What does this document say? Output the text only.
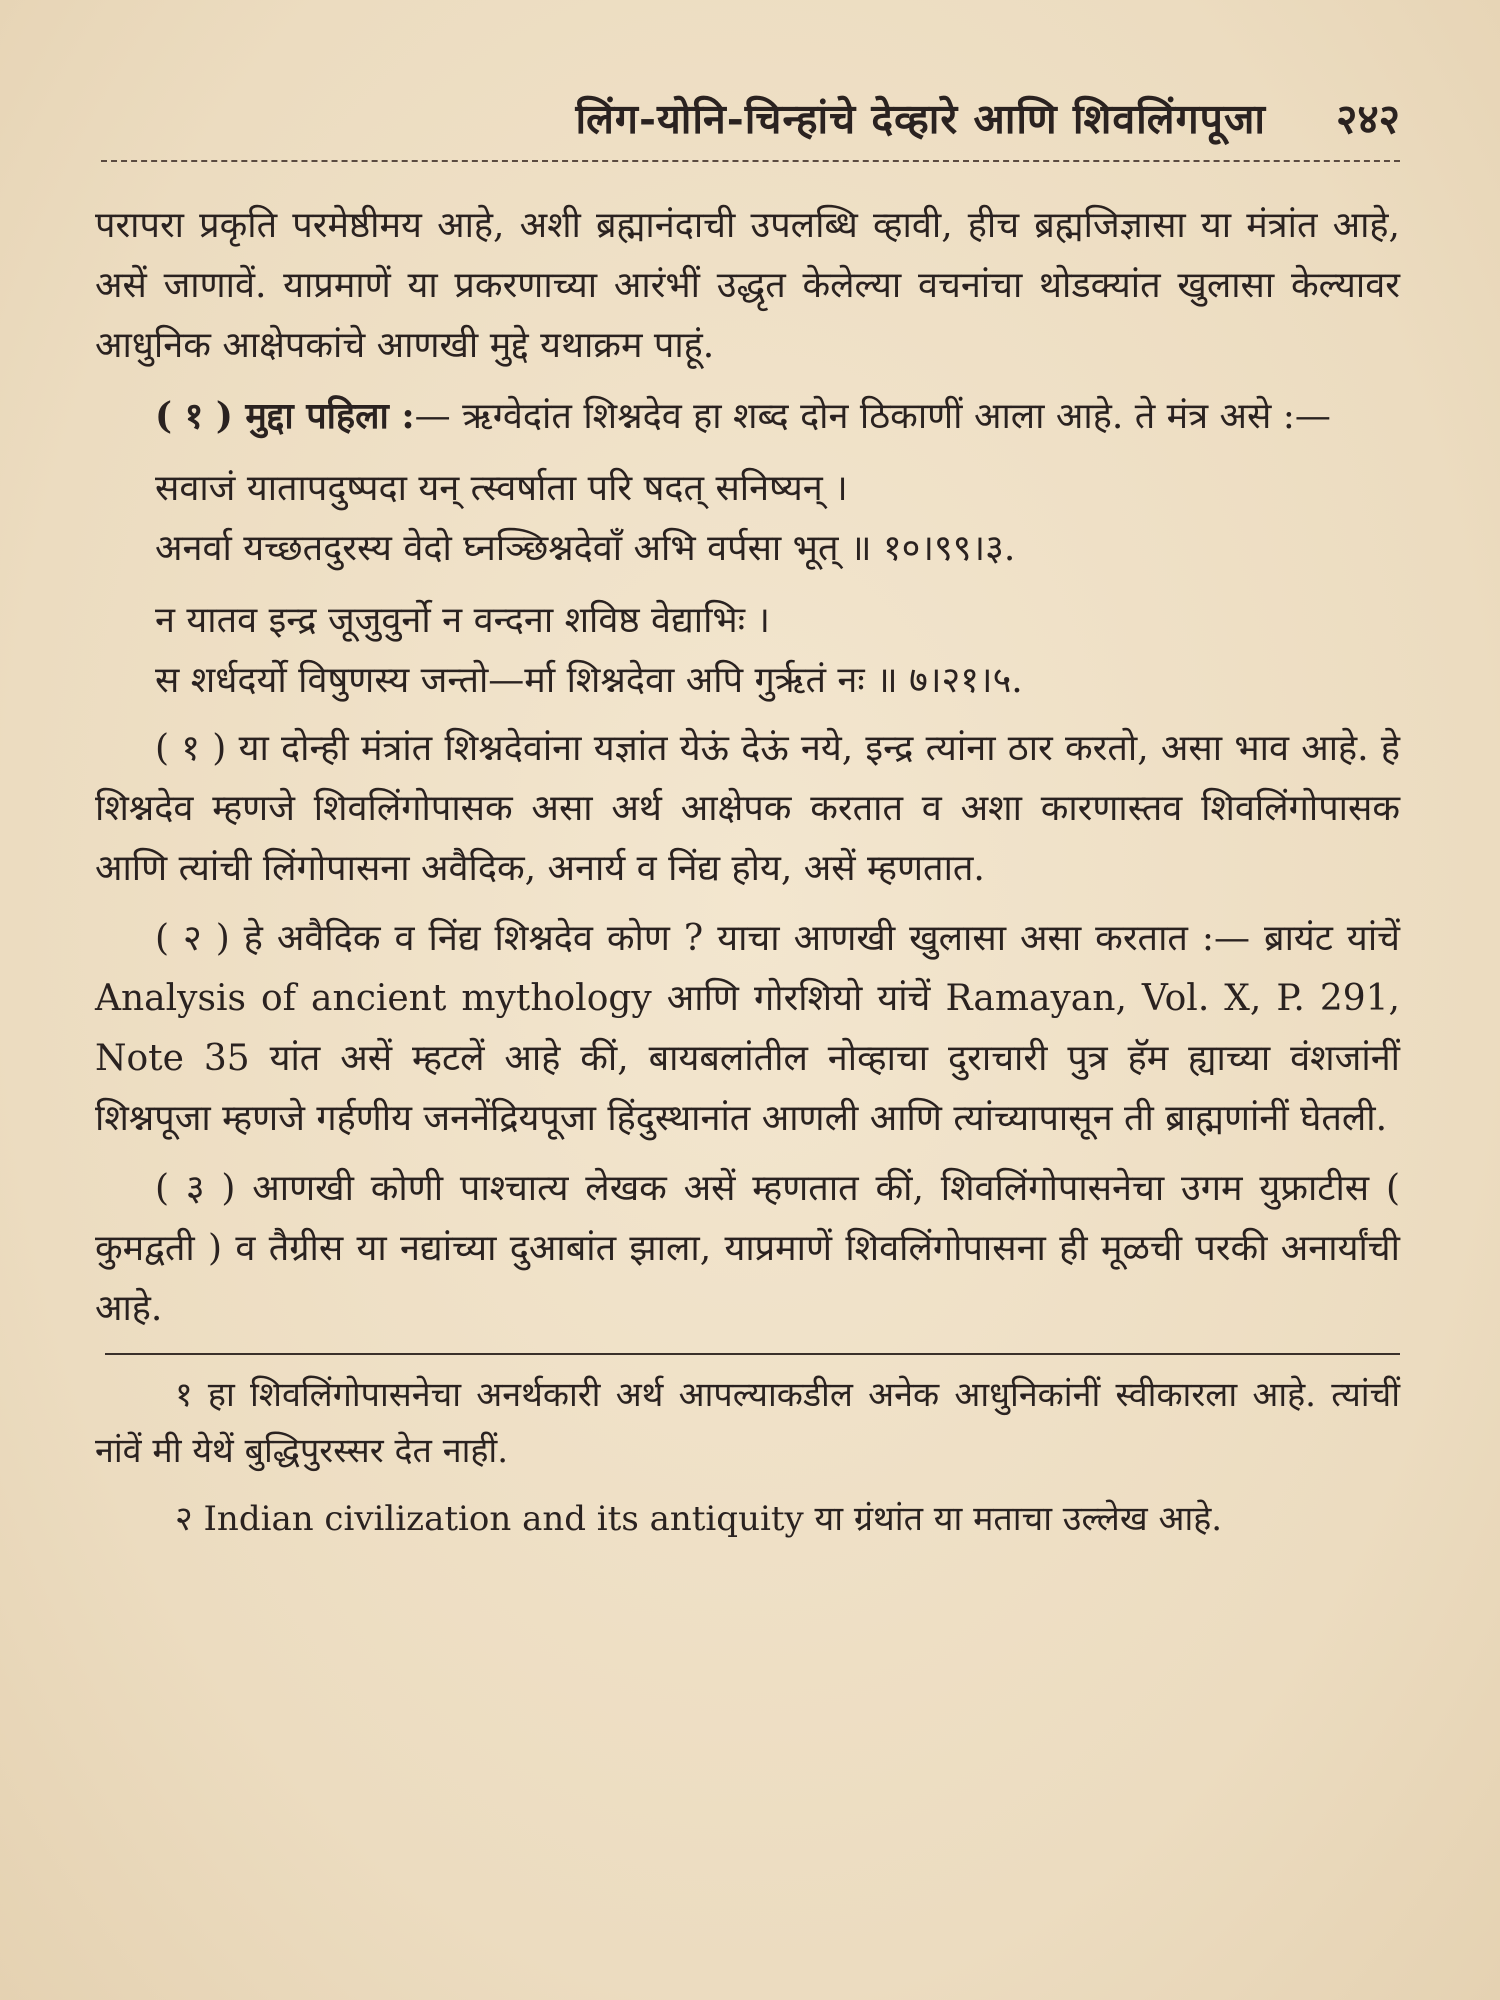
लिंग-योनि-चिन्हांचे देव्हारे आणि शिवलिंगपूजा २४२

परापरा प्रकृति परमेष्ठीमय आहे, अशी ब्रह्मानंदाची उपलब्धि व्हावी, हीच ब्रह्मजिज्ञासा या मंत्रांत आहे, असें जाणावें. याप्रमाणें या प्रकरणाच्या आरंभीं उद्धृत केलेल्या वचनांचा थोडक्यांत खुलासा केल्यावर आधुनिक आक्षेपकांचे आणखी मुद्दे यथाक्रम पाहूं.

( १ ) मुद्दा पहिला :— ऋग्वेदांत शिश्नदेव हा शब्द दोन ठिकाणीं आला आहे. ते मंत्र असे :—

सवाजं यातापदुष्पदा यन् त्स्वर्षाता परि षदत् सनिष्यन् ।

अनर्वा यच्छतदुरस्य वेदो घ्नञ्छिश्नदेवाँ अभि वर्पसा भूत् ॥ १०।९९।३.

न यातव इन्द्र जूजुवुर्नो न वन्दना शविष्ठ वेद्याभिः ।

स शर्धदर्यो विषुणस्य जन्तो—र्मा शिश्नदेवा अपि गुर्ऋतं नः ॥ ७।२१।५.

( १ ) या दोन्ही मंत्रांत शिश्नदेवांना यज्ञांत येऊं देऊं नये, इन्द्र त्यांना ठार करतो, असा भाव आहे. हे शिश्नदेव म्हणजे शिवलिंगोपासक असा अर्थ आक्षेपक करतात व अशा कारणास्तव शिवलिंगोपासक आणि त्यांची लिंगोपासना अवैदिक, अनार्य व निंद्य होय, असें म्हणतात.

( २ ) हे अवैदिक व निंद्य शिश्नदेव कोण ? याचा आणखी खुलासा असा करतात :— ब्रायंट यांचें Analysis of ancient mythology आणि गोरशियो यांचें Ramayan, Vol. X, P. 291, Note 35 यांत असें म्हटलें आहे कीं, बायबलांतील नोव्हाचा दुराचारी पुत्र हॅम ह्याच्या वंशजांनीं शिश्नपूजा म्हणजे गर्हणीय जननेंद्रियपूजा हिंदुस्थानांत आणली आणि त्यांच्यापासून ती ब्राह्मणांनीं घेतली.

( ३ ) आणखी कोणी पाश्चात्य लेखक असें म्हणतात कीं, शिवलिंगोपासनेचा उगम युफ्राटीस ( कुमद्वती ) व तैग्रीस या नद्यांच्या दुआबांत झाला, याप्रमाणें शिवलिंगोपासना ही मूळची परकी अनार्यांची आहे.

१ हा शिवलिंगोपासनेचा अनर्थकारी अर्थ आपल्याकडील अनेक आधुनिकांनीं स्वीकारला आहे. त्यांचीं नांवें मी येथें बुद्धिपुरस्सर देत नाहीं.

२ Indian civilization and its antiquity या ग्रंथांत या मताचा उल्लेख आहे.
